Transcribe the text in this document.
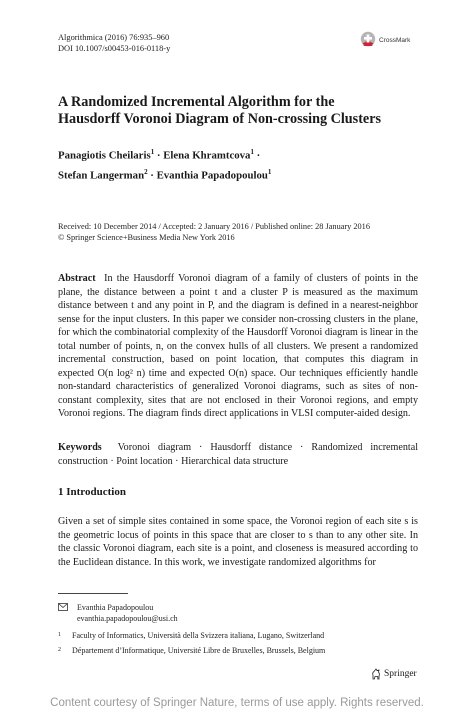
Algorithmica (2016) 76:935–960
DOI 10.1007/s00453-016-0118-y
CrossMark
A Randomized Incremental Algorithm for the
Hausdorff Voronoi Diagram of Non-crossing Clusters
Panagiotis Cheilaris$^1$ · Elena Khramtcova$^1$ ·
Stefan Langerman$^2$ · Evanthia Papadopoulou$^1$
Received: 10 December 2014 / Accepted: 2 January 2016 / Published online: 28 January 2016
© Springer Science+Business Media New York 2016
Abstract In the Hausdorff Voronoi diagram of a family of clusters of points in the plane, the distance between a point t and a cluster P is measured as the maximum distance between t and any point in P, and the diagram is defined in a nearest-neighbor sense for the input clusters. In this paper we consider non-crossing clusters in the plane, for which the combinatorial complexity of the Hausdorff Voronoi diagram is linear in the total number of points, n, on the convex hulls of all clusters. We present a randomized incremental construction, based on point location, that computes this diagram in expected O(n log² n) time and expected O(n) space. Our techniques efficiently handle non-standard characteristics of generalized Voronoi diagrams, such as sites of non-constant complexity, sites that are not enclosed in their Voronoi regions, and empty Voronoi regions. The diagram finds direct applications in VLSI computer-aided design.
Keywords Voronoi diagram · Hausdorff distance · Randomized incremental construction · Point location · Hierarchical data structure
1 Introduction
Given a set of simple sites contained in some space, the Voronoi region of each site s is the geometric locus of points in this space that are closer to s than to any other site. In the classic Voronoi diagram, each site is a point, and closeness is measured according to the Euclidean distance. In this work, we investigate randomized algorithms for
Evanthia Papadopoulou
evanthia.papadopoulou@usi.ch
1	Faculty of Informatics, Università della Svizzera italiana, Lugano, Switzerland
2	Département d’Informatique, Université Libre de Bruxelles, Brussels, Belgium
Springer
Content courtesy of Springer Nature, terms of use apply. Rights reserved.
